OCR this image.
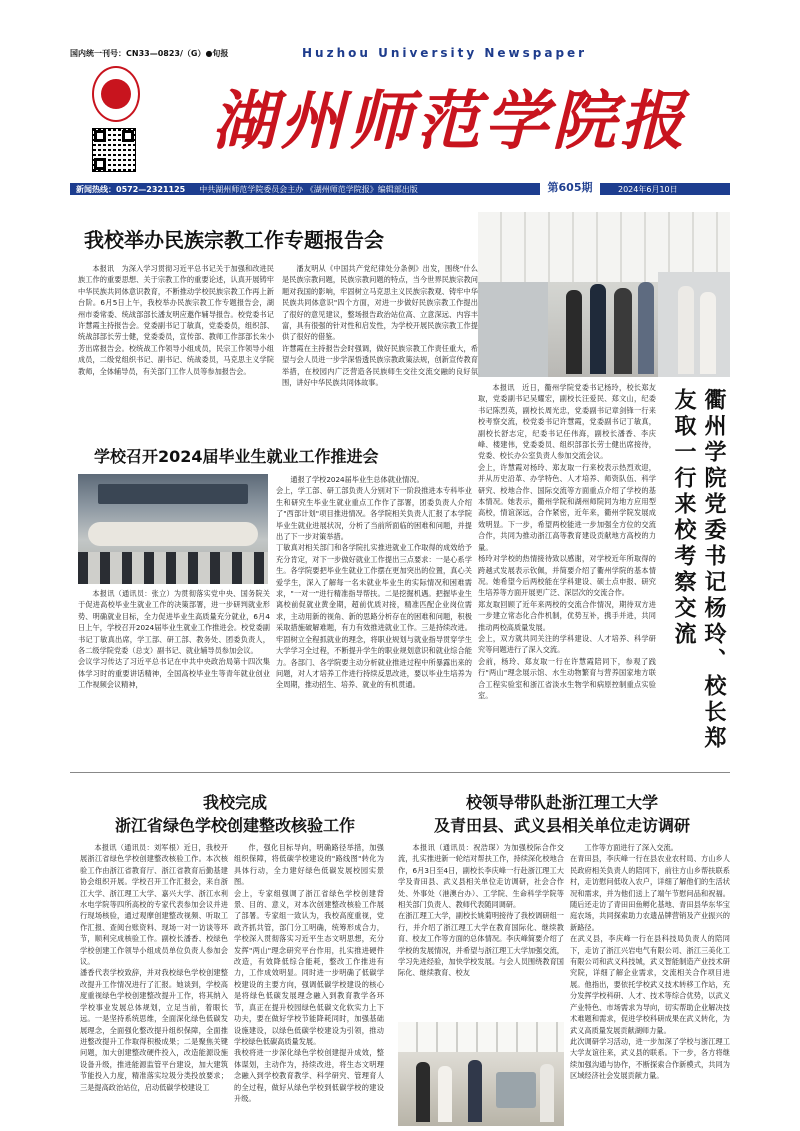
国内统一刊号：CN33—0823/（G）●旬报	Huzhou University Newspaper
湖州师范学院报
新闻热线：0572—2321125 中共湖州师范学院委员会主办 《湖州师范学院报》编辑部出版	第605期	2024年6月10日
我校举办民族宗教工作专题报告会

本报讯　为深入学习贯彻习近平总书记关于加强和改进民族工作的重要思想、关于宗教工作的重要论述，认真开展铸牢中华民族共同体意识教育，不断推动学校民族宗教工作再上新台阶。6月5日上午，我校举办民族宗教工作专题报告会，湖州市委常委、统战部部长潘友明应邀作辅导报告。校党委书记许慧霞主持报告会。党委副书记丁敏真，党委委员，组织部、统战部部长劳士健，党委委员，宣传部、教师工作部部长朱小芳出席报告会。校统战工作领导小组成员，民宗工作领导小组成员，二级党组织书记、副书记、统战委员，马克思主义学院教师，全体辅导员，有关部门工作人员等参加报告会。

潘友明从《中国共产党纪律处分条例》出发，围绕"什么是民族宗教问题，民族宗教问题的特点，当今世界民族宗教问题对我国的影响，牢固树立马克思主义民族宗教观、铸牢中华民族共同体意识"四个方面，对进一步做好民族宗教工作提出了很好的意见建议，整场报告政治站位高、立意深远、内容丰富，具有很强的针对性和启发性，为学校开展民族宗教工作提供了很好的借鉴。
许慧霞在主持报告会时强调，做好民族宗教工作责任重大，希望与会人员进一步学深悟透民族宗教政策法规，创新宣传教育举措，在校园内广泛营造各民族师生交往交流交融的良好氛围，讲好中华民族共同体故事。

本报讯　近日，衢州学院党委书记杨玲，校长郑友取，党委副书记吴耀宏，副校长汪爱民、郑文山，纪委书记陈烈英，副校长周光忠，党委副书记章剑锋一行来校考察交流，校党委书记许慧霞，党委副书记丁敏真，副校长舒志定，纪委书记任伟海，副校长潘香、李庆峰、楼建伟，党委委员、组织部部长劳士健出席接待，党委、校长办公室负责人参加交流会议。
会上，许慧霞对杨玲、郑友取一行来校表示热烈欢迎，并从历史沿革、办学特色、人才培养、师资队伍、科学研究、校地合作、国际交流等方面重点介绍了学校的基本情况。她表示，衢州学院和湖州师院同为地方应用型高校，情谊深远，合作紧密，近年来，衢州学院发展成效明显。下一步，希望两校能进一步加强全方位的交流合作，共同为推动浙江高等教育建设贡献地方高校的力量。
杨玲对学校的热情接待致以感谢，对学校近年所取得的跨越式发展表示钦佩，并简要介绍了衢州学院的基本情况。她希望今后两校能在学科建设、硕士点申报、研究生培养等方面开展更广泛、深层次的交流合作。
郑友取回顾了近年来两校的交流合作情况，期待双方进一步建立常态化合作机制，优势互补，携手并进，共同推动两校高质量发展。
会上，双方就共同关注的学科建设、人才培养、科学研究等问题进行了深入交流。
会前，杨玲、郑友取一行在许慧霞陪同下，参观了践行"两山"理念展示馆、水生动物繁育与营养国家地方联合工程实验室和浙江省淡水生物学和病原控制重点实验室。	衢州学院党委书记杨玲、校长郑友取一行来校考察交流
学校召开2024届毕业生就业工作推进会

本报讯（通讯员：张立）为贯彻落实党中央、国务院关于促进高校毕业生就业工作的决策部署，进一步研判就业形势、明确就业目标，全力促进毕业生高质量充分就业，6月4日上午，学校召开2024届毕业生就业工作推进会。校党委副书记丁敏真出席，学工部、研工部、教务处、团委负责人，各二级学院党委（总支）副书记、就业辅导员参加会议。
会议学习传达了习近平总书记在中共中央政治局第十四次集体学习时的重要讲话精神，全国高校毕业生等青年就业创业工作视频会议精神，

通报了学校2024届毕业生总体就业情况。
会上，学工部、研工部负责人分别对下一阶段推进本专科毕业生和研究生毕业生就业重点工作作了部署，团委负责人介绍了"西部计划"项目推进情况。各学院相关负责人汇报了本学院毕业生就业进展状况，分析了当前所面临的困难和问题，并提出了下一步对策举措。
丁敏真对相关部门和各学院扎实推进就业工作取得的成效给予充分肯定，对下一步做好就业工作提出三点要求：一是心系学生。各学院要把毕业生就业工作摆在更加突出的位置，真心关爱学生，深入了解每一名未就业毕业生的实际情况和困难需求，"一对一"进行精准指导帮扶。二是挖掘机遇。把握毕业生离校前促就业黄金期，超前优质对接，精准匹配企业岗位需求，主动用新的视角、新的思路分析存在的困难和问题，积极采取措施破解难题，有力有效推进就业工作。三是持续改进。牢固树立全程抓就业的理念，将职业规划与就业指导贯穿学生大学学习全过程，不断提升学生的职业规划意识和就业综合能力。各部门、各学院要主动分析就业推进过程中所暴露出来的问题，对人才培养工作进行持续反思改进，要以毕业生培养为全周期，推动招生、培养、就业的有机贯通。

我校完成
浙江省绿色学校创建整改核验工作

本报讯（通讯员：刘军根）近日，我校开展浙江省绿色学校创建整改核验工作。本次核验工作由浙江省教育厅、浙江省教育后勤基建协会组织开展。学校召开工作汇报会，来自浙江大学、浙江理工大学、嘉兴大学、浙江水利水电学院等四所高校的专家代表参加会议并进行现场核验，通过观摩创建整改视频、听取工作汇报、查阅台账资料、现场一对一访谈等环节，顺利完成核验工作。副校长潘香、校绿色学校创建工作领导小组成员单位负责人参加会议。
潘香代表学校致辞，并对我校绿色学校创建整改提升工作情况进行了汇报。她谈到，学校高度重视绿色学校创建整改提升工作，将其纳入学校事业发展总体规划，立足当前，着眼长远。一是坚持系统思维，全面深化绿色低碳发展理念，全面强化整改提升组织保障，全面推进整改提升工作取得积极成果；二是聚焦关键问题，加大创建整改硬件投入，改造能源设施设备升级，推进能源监管平台建设，加大建筑节能投入力度，精准落实垃圾分类投放要求；三是提高政治站位，启动低碳学校建设工

作，强化目标导向，明确路径举措，加强组织保障，将低碳学校建设的"路线图"转化为具体行动，全力建好绿色低碳发展校园实景图。
会上，专家组强调了浙江省绿色学校创建背景、目的、意义，对本次创建整改核验工作展了部署。专家组一致认为，我校高度重视，党政齐抓共管，部门分工明确，统筹形成合力，学校深入贯彻落实习近平生态文明思想，充分发挥"两山"理念研究平台作用，扎实推进硬件改造，有效降低综合能耗，整改工作推进有力，工作成效明显。同时进一步明确了低碳学校建设的主要方向，强调低碳学校建设的核心是将绿色低碳发展理念融入到教育教学各环节，真正在提升校园绿色低碳文化软实力上下功夫，要在做好学校节能降耗同时，加强基础设施建设，以绿色低碳学校建设为引领，推动学校绿色低碳高质量发展。
我校将进一步深化绿色学校创建提升成效，整体谋划，主动作为，持续改进，将生态文明理念融入到学校教育教学、科学研究、管理育人的全过程，做好从绿色学校到低碳学校的建设升级。

校领导带队赴浙江理工大学
及青田县、武义县相关单位走访调研

本报讯（通讯员：祝浩琛）为加强校际合作交流，扎实推进新一轮结对帮扶工作，持续深化校地合作，6月3日至4日，副校长李庆峰一行赴浙江理工大学及青田县、武义县相关单位走访调研，社会合作处、外事处（港澳台办）、工学院、生命科学学院等相关部门负责人、教师代表随同调研。
在浙江理工大学，副校长姚菊明接待了我校调研组一行，并介绍了浙江理工大学在教育国际化、继续教育、校友工作等方面的总体情况。李庆峰简要介绍了学校的发展情况，并希望与浙江理工大学加强交流，学习先进经验，加快学校发展。与会人员围绕教育国际化、继续教育、校友

工作等方面进行了深入交流。
在青田县，李庆峰一行在县农业农村局、方山乡人民政府相关负责人的陪同下，前往方山乡帮扶联系村，走访慰问低收入农户，详细了解他们的生活状况和需求，并为他们送上了端午节慰问品和祝福。随后还走访了青田田鱼孵化基地、青田县华东华宝庭农场，共同探索助力农遗品牌营销及产业振兴的新路径。
在武义县，李庆峰一行在县科技局负责人的陪同下，走访了浙江兴岩电气有限公司、浙江三美化工有限公司和武义科技城，武义智能制造产业技术研究院，详细了解企业需求，交流相关合作项目进展。他指出，要依托学校武义技术转移工作站，充分发挥学校科研、人才、技术等综合优势，以武义产业特色、市场需求为导向，切实帮助企业解决技术难题和需求，促进学校科研成果在武义转化，为武义高质量发展贡献湖师力量。
此次调研学习活动，进一步加深了学校与浙江理工大学友谊往来，武义县的联系。下一步，各方将继续加强沟通与协作，不断探索合作新模式，共同为区域经济社会发展贡献力量。
